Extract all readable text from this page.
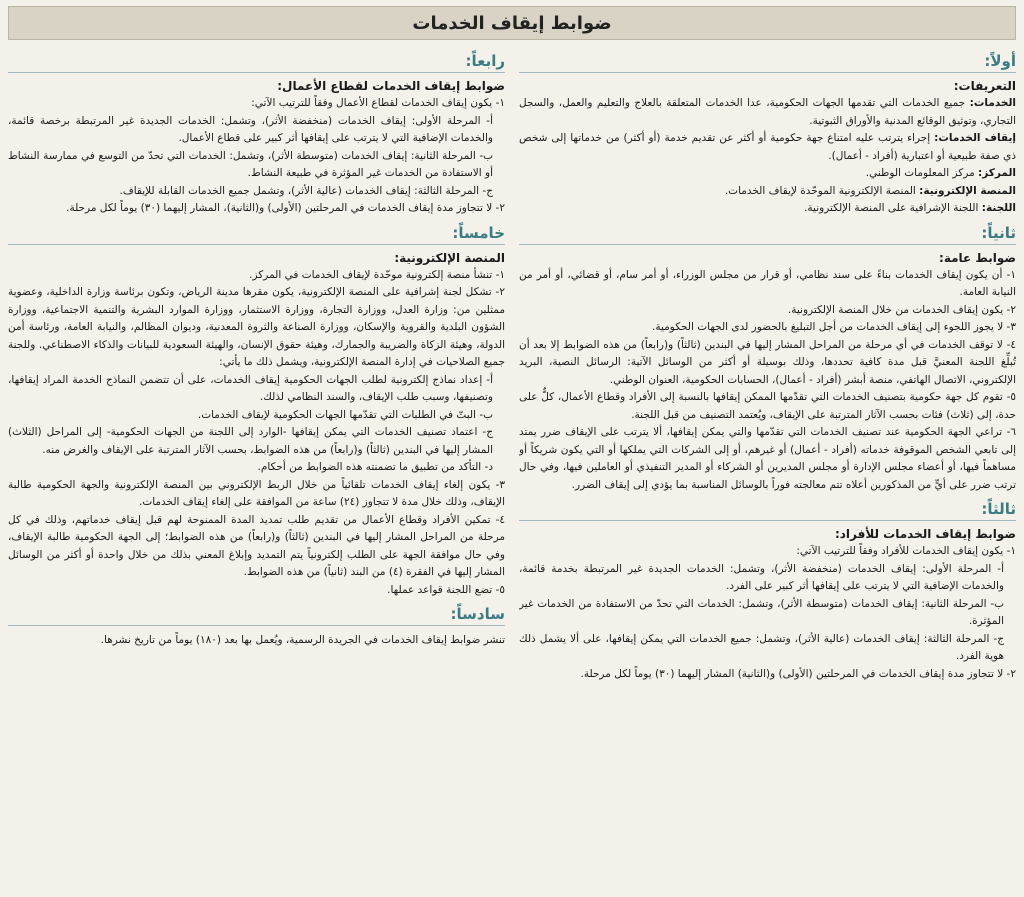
ضوابط إيقاف الخدمات
أولاً:
التعريفات:

الخدمات: جميع الخدمات التي تقدمها الجهات الحكومية، عدا الخدمات المتعلقة بالعلاج والتعليم والعمل، والسجل التجاري، وتوثيق الوقائع المدنية والأوراق الثبوتية.

إيقاف الخدمات: إجراء يترتب عليه امتناع جهة حكومية أو أكثر عن تقديم خدمة (أو أكثر) من خدماتها إلى شخص ذي صفة طبيعية أو اعتبارية (أفراد - أعمال).

المركز: مركز المعلومات الوطني.

المنصة الإلكترونية: المنصة الإلكترونية الموحّدة لإيقاف الخدمات.

اللجنة: اللجنة الإشرافية على المنصة الإلكترونية.

ثانياً:
ضوابط عامة:

١- أن يكون إيقاف الخدمات بناءً على سند نظامي، أو قرار من مجلس الوزراء، أو أمر سام، أو قضائي، أو أمر من النيابة العامة.

٢- يكون إيقاف الخدمات من خلال المنصة الإلكترونية.

٣- لا يجوز اللجوء إلى إيقاف الخدمات من أجل التبليغ بالحضور لدى الجهات الحكومية.

٤- لا توقف الخدمات في أي مرحلة من المراحل المشار إليها في البندين (ثالثاً) و(رابعاً) من هذه الضوابط إلا بعد أن تُبلِّغ اللجنة المعنيَّ قبل مدة كافية تحددها، وذلك بوسيلة أو أكثر من الوسائل الآتية: الرسائل النصية، البريد الإلكتروني، الاتصال الهاتفي، منصة أبشر (أفراد - أعمال)، الحسابات الحكومية، العنوان الوطني.

٥- تقوم كل جهة حكومية بتصنيف الخدمات التي تقدّمها الممكن إيقافها بالنسبة إلى الأفراد وقطاع الأعمال، كلٌّ على حدة، إلى (ثلاث) فئات بحسب الآثار المترتبة على الإيقاف، ويُعتمد التصنيف من قبل اللجنة.

٦- تراعي الجهة الحكومية عند تصنيف الخدمات التي تقدّمها والتي يمكن إيقافها، ألا يترتب على الإيقاف ضرر يمتد إلى تابعي الشخص الموقوفة خدماته (أفراد - أعمال) أو غيرهم، أو إلى الشركات التي يملكها أو التي يكون شريكاً أو مساهماً فيها، أو أعضاء مجلس الإدارة أو مجلس المديرين أو الشركاء أو المدير التنفيذي أو العاملين فيها، وفي حال ترتب ضرر على أيٍّ من المذكورين أعلاه تتم معالجته فوراً بالوسائل المناسبة بما يؤدي إلى إيقاف الضرر.

ثالثاً:
ضوابط إيقاف الخدمات للأفراد:

١- يكون إيقاف الخدمات للأفراد وفقاً للترتيب الآتي:

أ- المرحلة الأولى: إيقاف الخدمات (منخفضة الأثر)، وتشمل: الخدمات الجديدة غير المرتبطة بخدمة قائمة، والخدمات الإضافية التي لا يترتب على إيقافها أثر كبير على الفرد.

ب- المرحلة الثانية: إيقاف الخدمات (متوسطة الأثر)، وتشمل: الخدمات التي تحدّ من الاستفادة من الخدمات غير المؤثرة.

ج- المرحلة الثالثة: إيقاف الخدمات (عالية الأثر)، وتشمل: جميع الخدمات التي يمكن إيقافها، على ألا يشمل ذلك هوية الفرد.

٢- لا تتجاوز مدة إيقاف الخدمات في المرحلتين (الأولى) و(الثانية) المشار إليهما (٣٠) يوماً لكل مرحلة.

رابعاً:
ضوابط إيقاف الخدمات لقطاع الأعمال:

١- يكون إيقاف الخدمات لقطاع الأعمال وفقاً للترتيب الآتي:

أ- المرحلة الأولى: إيقاف الخدمات (منخفضة الأثر)، وتشمل: الخدمات الجديدة غير المرتبطة برخصة قائمة، والخدمات الإضافية التي لا يترتب على إيقافها أثر كبير على قطاع الأعمال.

ب- المرحلة الثانية: إيقاف الخدمات (متوسطة الأثر)، وتشمل: الخدمات التي تحدّ من التوسع في ممارسة النشاط أو الاستفادة من الخدمات غير المؤثرة في طبيعة النشاط.

ج- المرحلة الثالثة: إيقاف الخدمات (عالية الأثر)، وتشمل جميع الخدمات القابلة للإيقاف.

٢- لا تتجاوز مدة إيقاف الخدمات في المرحلتين (الأولى) و(الثانية)، المشار إليهما (٣٠) يوماً لكل مرحلة.

خامساً:
المنصة الإلكترونية:

١- تنشأ منصة إلكترونية موحّدة لإيقاف الخدمات في المركز.

٢- تشكل لجنة إشرافية على المنصة الإلكترونية، يكون مقرها مدينة الرياض، وتكون برئاسة وزارة الداخلية، وعضوية ممثلين من: وزارة العدل، ووزارة التجارة، ووزارة الاستثمار، ووزارة الموارد البشرية والتنمية الاجتماعية، ووزارة الشؤون البلدية والقروية والإسكان، ووزارة الصناعة والثروة المعدنية، وديوان المظالم، والنيابة العامة، ورئاسة أمن الدولة، وهيئة الزكاة والضريبة والجمارك، وهيئة حقوق الإنسان، والهيئة السعودية للبيانات والذكاء الاصطناعي. وللجنة جميع الصلاحيات في إدارة المنصة الإلكترونية، ويشمل ذلك ما يأتي:

أ- إعداد نماذج إلكترونية لطلب الجهات الحكومية إيقاف الخدمات، على أن تتضمن النماذج الخدمة المراد إيقافها، وتصنيفها، وسبب طلب الإيقاف، والسند النظامي لذلك.

ب- البتّ في الطلبات التي تقدّمها الجهات الحكومية لإيقاف الخدمات.

ج- اعتماد تصنيف الخدمات التي يمكن إيقافها -الوارد إلى اللجنة من الجهات الحكومية- إلى المراحل (الثلاث) المشار إليها في البندين (ثالثاً) و(رابعاً) من هذه الضوابط، بحسب الآثار المترتبة على الإيقاف والغرض منه.

د- التأكد من تطبيق ما تضمنته هذه الضوابط من أحكام.

٣- يكون إلغاء إيقاف الخدمات تلقائياً من خلال الربط الإلكتروني بين المنصة الإلكترونية والجهة الحكومية طالبة الإيقاف، وذلك خلال مدة لا تتجاوز (٢٤) ساعة من الموافقة على إلغاء إيقاف الخدمات.

٤- تمكين الأفراد وقطاع الأعمال من تقديم طلب تمديد المدة الممنوحة لهم قبل إيقاف خدماتهم، وذلك في كل مرحلة من المراحل المشار إليها في البندين (ثالثاً) و(رابعاً) من هذه الضوابط؛ إلى الجهة الحكومية طالبة الإيقاف، وفي حال موافقة الجهة على الطلب إلكترونياً يتم التمديد وإبلاغ المعني بذلك من خلال واحدة أو أكثر من الوسائل المشار إليها في الفقرة (٤) من البند (ثانياً) من هذه الضوابط.

٥- تضع اللجنة قواعد عملها.

سادساً:

تنشر ضوابط إيقاف الخدمات في الجريدة الرسمية، ويُعمل بها بعد (١٨٠) يوماً من تاريخ نشرها.
